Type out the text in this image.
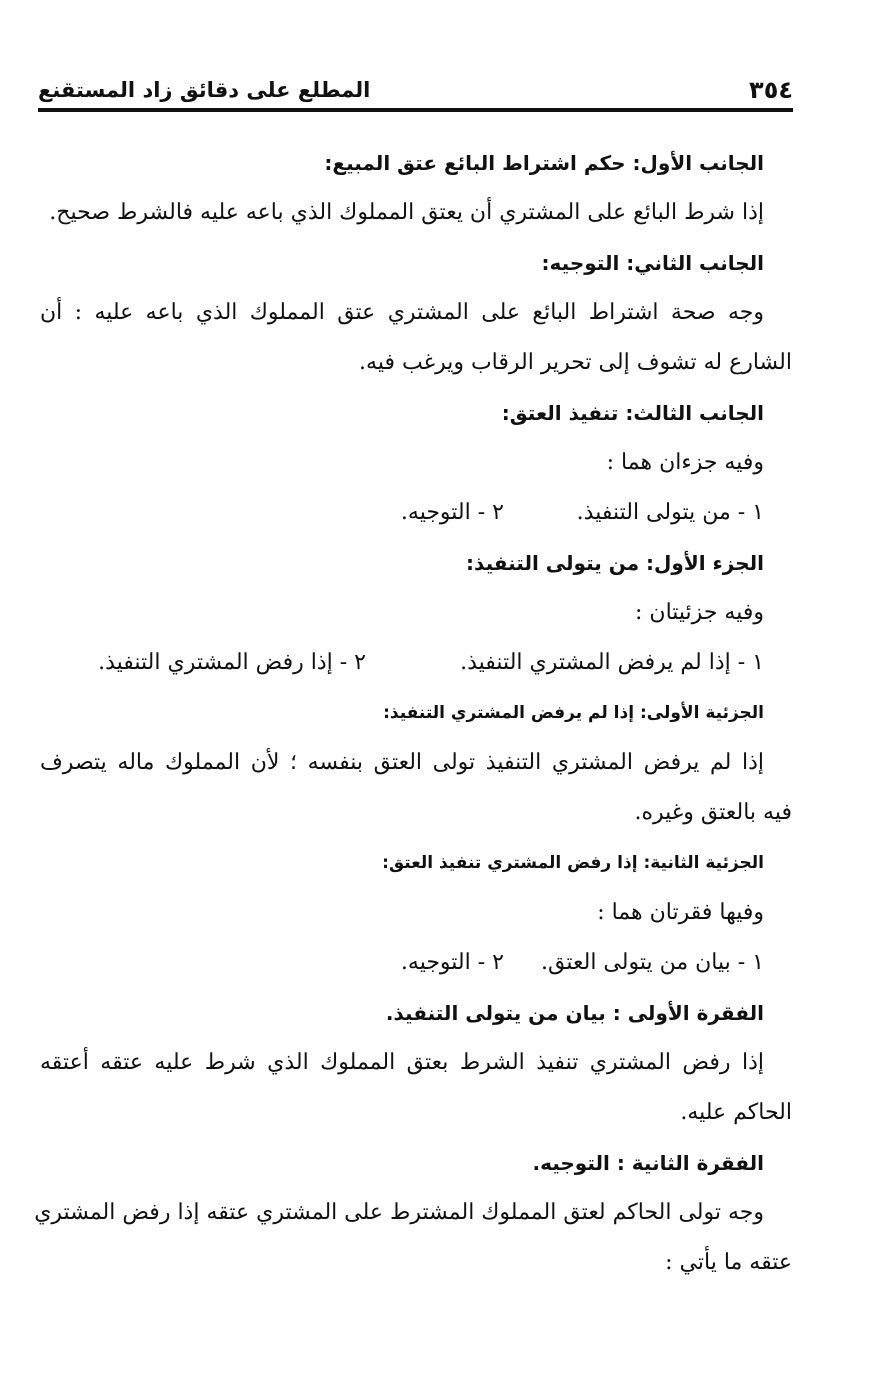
٣٥٤
المطلع على دقائق زاد المستقنع
الجانب الأول: حكم اشتراط البائع عتق المبيع:
إذا شرط البائع على المشتري أن يعتق المملوك الذي باعه عليه فالشرط صحيح.
الجانب الثاني: التوجيه:
وجه صحة اشتراط البائع على المشتري عتق المملوك الذي باعه عليه : أن
الشارع له تشوف إلى تحرير الرقاب ويرغب فيه.
الجانب الثالث: تنفيذ العتق:
وفيه جزءان هما :
١ - من يتولى التنفيذ.
٢ - التوجيه.
الجزء الأول: من يتولى التنفيذ:
وفيه جزئيتان :
١ - إذا لم يرفض المشتري التنفيذ.
٢ - إذا رفض المشتري التنفيذ.
الجزئية الأولى: إذا لم يرفض المشتري التنفيذ:
إذا لم يرفض المشتري التنفيذ تولى العتق بنفسه ؛ لأن المملوك ماله يتصرف
فيه بالعتق وغيره.
الجزئية الثانية: إذا رفض المشتري تنفيذ العتق:
وفيها فقرتان هما :
١ - بيان من يتولى العتق.
٢ - التوجيه.
الفقرة الأولى : بيان من يتولى التنفيذ.
إذا رفض المشتري تنفيذ الشرط بعتق المملوك الذي شرط عليه عتقه أعتقه
الحاكم عليه.
الفقرة الثانية : التوجيه.
وجه تولى الحاكم لعتق المملوك المشترط على المشتري عتقه إذا رفض المشتري
عتقه ما يأتي :
